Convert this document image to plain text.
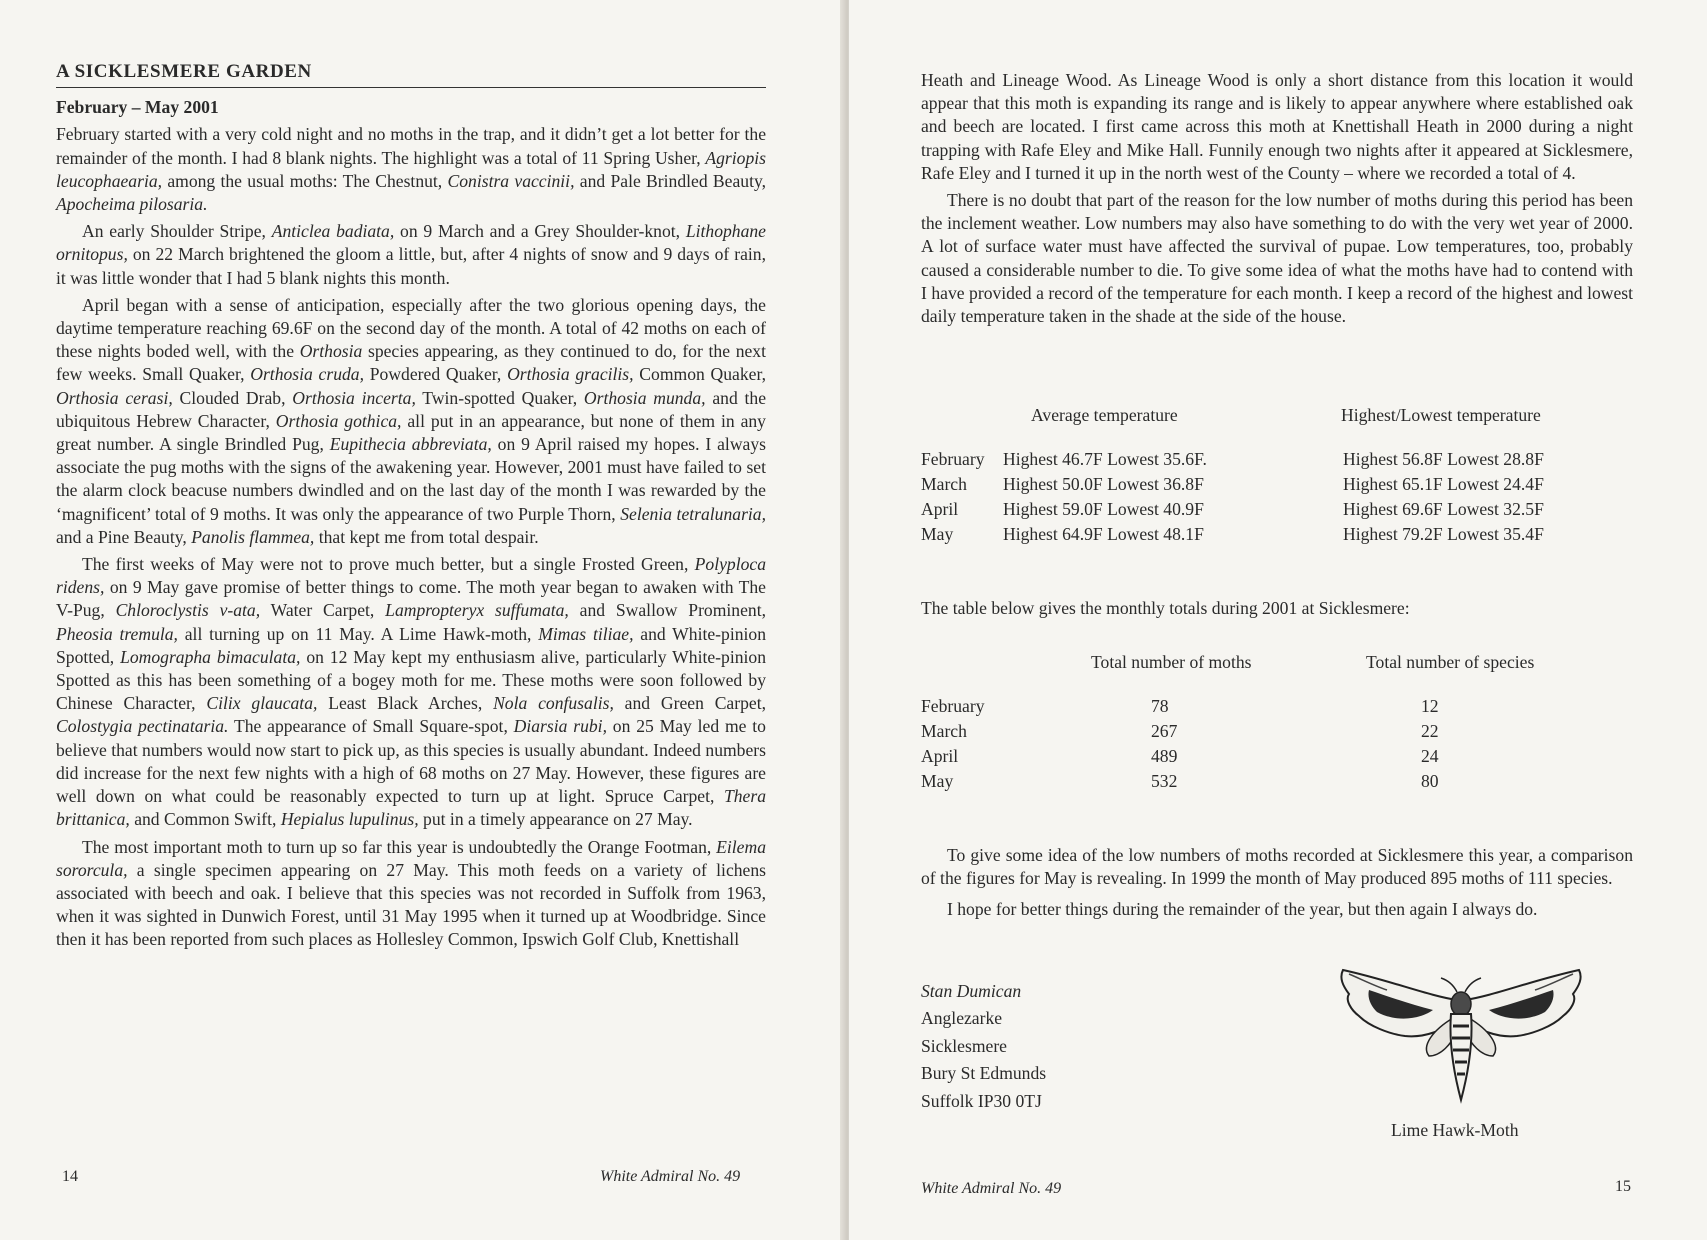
A SICKLESMERE GARDEN
February – May 2001

February started with a very cold night and no moths in the trap, and it didn’t get a lot better for the remainder of the month. I had 8 blank nights. The highlight was a total of 11 Spring Usher, Agriopis leucophaearia, among the usual moths: The Chestnut, Conistra vaccinii, and Pale Brindled Beauty, Apocheima pilosaria.

An early Shoulder Stripe, Anticlea badiata, on 9 March and a Grey Shoulder-knot, Lithophane ornitopus, on 22 March brightened the gloom a little, but, after 4 nights of snow and 9 days of rain, it was little wonder that I had 5 blank nights this month.

April began with a sense of anticipation, especially after the two glorious opening days, the daytime temperature reaching 69.6F on the second day of the month. A total of 42 moths on each of these nights boded well, with the Orthosia species appearing, as they continued to do, for the next few weeks. Small Quaker, Orthosia cruda, Powdered Quaker, Orthosia gracilis, Common Quaker, Orthosia cerasi, Clouded Drab, Orthosia incerta, Twin-spotted Quaker, Orthosia munda, and the ubiquitous Hebrew Character, Orthosia gothica, all put in an appearance, but none of them in any great number. A single Brindled Pug, Eupithecia abbreviata, on 9 April raised my hopes. I always associate the pug moths with the signs of the awakening year. However, 2001 must have failed to set the alarm clock beacuse numbers dwindled and on the last day of the month I was rewarded by the ‘magnificent’ total of 9 moths. It was only the appearance of two Purple Thorn, Selenia tetralunaria, and a Pine Beauty, Panolis flammea, that kept me from total despair.

The first weeks of May were not to prove much better, but a single Frosted Green, Polyploca ridens, on 9 May gave promise of better things to come. The moth year began to awaken with The V-Pug, Chloroclystis v-ata, Water Carpet, Lampropteryx suffumata, and Swallow Prominent, Pheosia tremula, all turning up on 11 May. A Lime Hawk-moth, Mimas tiliae, and White-pinion Spotted, Lomographa bimaculata, on 12 May kept my enthusiasm alive, particularly White-pinion Spotted as this has been something of a bogey moth for me. These moths were soon followed by Chinese Character, Cilix glaucata, Least Black Arches, Nola confusalis, and Green Carpet, Colostygia pectinataria. The appearance of Small Square-spot, Diarsia rubi, on 25 May led me to believe that numbers would now start to pick up, as this species is usually abundant. Indeed numbers did increase for the next few nights with a high of 68 moths on 27 May. However, these figures are well down on what could be reasonably expected to turn up at light. Spruce Carpet, Thera brittanica, and Common Swift, Hepialus lupulinus, put in a timely appearance on 27 May.

The most important moth to turn up so far this year is undoubtedly the Orange Footman, Eilema sororcula, a single specimen appearing on 27 May. This moth feeds on a variety of lichens associated with beech and oak. I believe that this species was not recorded in Suffolk from 1963, when it was sighted in Dunwich Forest, until 31 May 1995 when it turned up at Woodbridge. Since then it has been reported from such places as Hollesley Common, Ipswich Golf Club, Knettishall

14	White Admiral No. 49

Heath and Lineage Wood. As Lineage Wood is only a short distance from this location it would appear that this moth is expanding its range and is likely to appear anywhere where established oak and beech are located. I first came across this moth at Knettishall Heath in 2000 during a night trapping with Rafe Eley and Mike Hall. Funnily enough two nights after it appeared at Sicklesmere, Rafe Eley and I turned it up in the north west of the County – where we recorded a total of 4.

There is no doubt that part of the reason for the low number of moths during this period has been the inclement weather. Low numbers may also have something to do with the very wet year of 2000. A lot of surface water must have affected the survival of pupae. Low temperatures, too, probably caused a considerable number to die. To give some idea of what the moths have had to contend with I have provided a record of the temperature for each month. I keep a record of the highest and lowest daily temperature taken in the shade at the side of the house.

Average temperature	Highest/Lowest temperature
February Highest 46.7F Lowest 35.6F.	Highest 56.8F Lowest 28.8F
March Highest 50.0F Lowest 36.8F	Highest 65.1F Lowest 24.4F
April	Highest 59.0F Lowest 40.9F	Highest 69.6F Lowest 32.5F
May	Highest 64.9F Lowest 48.1F	Highest 79.2F Lowest 35.4F

The table below gives the monthly totals during 2001 at Sicklesmere:

Total number of moths	Total number of species
February	78	12
March	267	22
April	489	24
May	532	80

To give some idea of the low numbers of moths recorded at Sicklesmere this year, a comparison of the figures for May is revealing. In 1999 the month of May produced 895 moths of 111 species.

I hope for better things during the remainder of the year, but then again I always do.

Stan Dumican
Anglezarke
Sicklesmere
Bury St Edmunds
Suffolk IP30 0TJ
Lime Hawk-Moth
White Admiral No. 49	15
